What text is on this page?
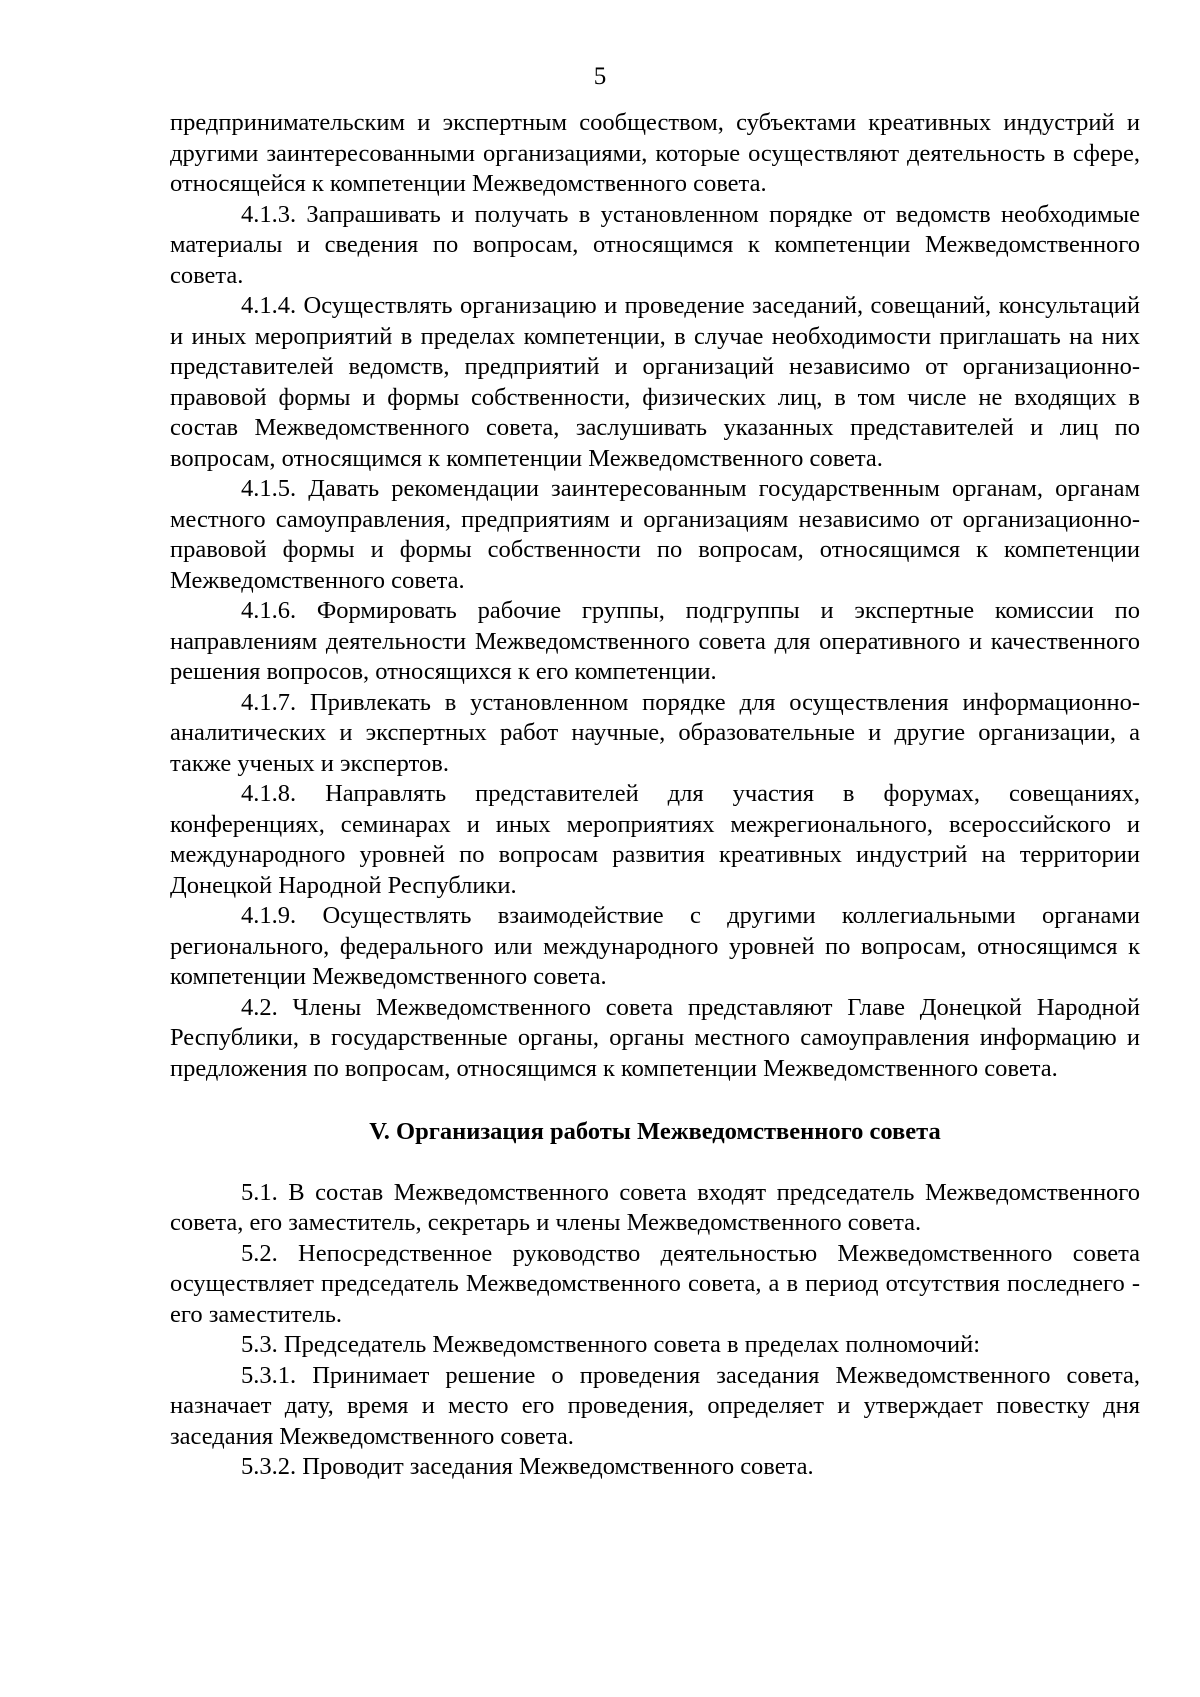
5

предпринимательским и экспертным сообществом, субъектами креативных индустрий и другими заинтересованными организациями, которые осуществляют деятельность в сфере, относящейся к компетенции Межведомственного совета.

4.1.3. Запрашивать и получать в установленном порядке от ведомств необходимые материалы и сведения по вопросам, относящимся к компетенции Межведомственного совета.

4.1.4. Осуществлять организацию и проведение заседаний, совещаний, консультаций и иных мероприятий в пределах компетенции, в случае необходимости приглашать на них представителей ведомств, предприятий и организаций независимо от организационно-правовой формы и формы собственности, физических лиц, в том числе не входящих в состав Межведомственного совета, заслушивать указанных представителей и лиц по вопросам, относящимся к компетенции Межведомственного совета.

4.1.5. Давать рекомендации заинтересованным государственным органам, органам местного самоуправления, предприятиям и организациям независимо от организационно-правовой формы и формы собственности по вопросам, относящимся к компетенции Межведомственного совета.

4.1.6. Формировать рабочие группы, подгруппы и экспертные комиссии по направлениям деятельности Межведомственного совета для оперативного и качественного решения вопросов, относящихся к его компетенции.

4.1.7. Привлекать в установленном порядке для осуществления информационно-аналитических и экспертных работ научные, образовательные и другие организации, а также ученых и экспертов.

4.1.8. Направлять представителей для участия в форумах, совещаниях, конференциях, семинарах и иных мероприятиях межрегионального, всероссийского и международного уровней по вопросам развития креативных индустрий на территории Донецкой Народной Республики.

4.1.9. Осуществлять взаимодействие с другими коллегиальными органами регионального, федерального или международного уровней по вопросам, относящимся к компетенции Межведомственного совета.

4.2. Члены Межведомственного совета представляют Главе Донецкой Народной Республики, в государственные органы, органы местного самоуправления информацию и предложения по вопросам, относящимся к компетенции Межведомственного совета.

V. Организация работы Межведомственного совета

5.1. В состав Межведомственного совета входят председатель Межведомственного совета, его заместитель, секретарь и члены Межведомственного совета.

5.2. Непосредственное руководство деятельностью Межведомственного совета осуществляет председатель Межведомственного совета, а в период отсутствия последнего - его заместитель.

5.3. Председатель Межведомственного совета в пределах полномочий:

5.3.1. Принимает решение о проведения заседания Межведомственного совета, назначает дату, время и место его проведения, определяет и утверждает повестку дня заседания Межведомственного совета.

5.3.2. Проводит заседания Межведомственного совета.
